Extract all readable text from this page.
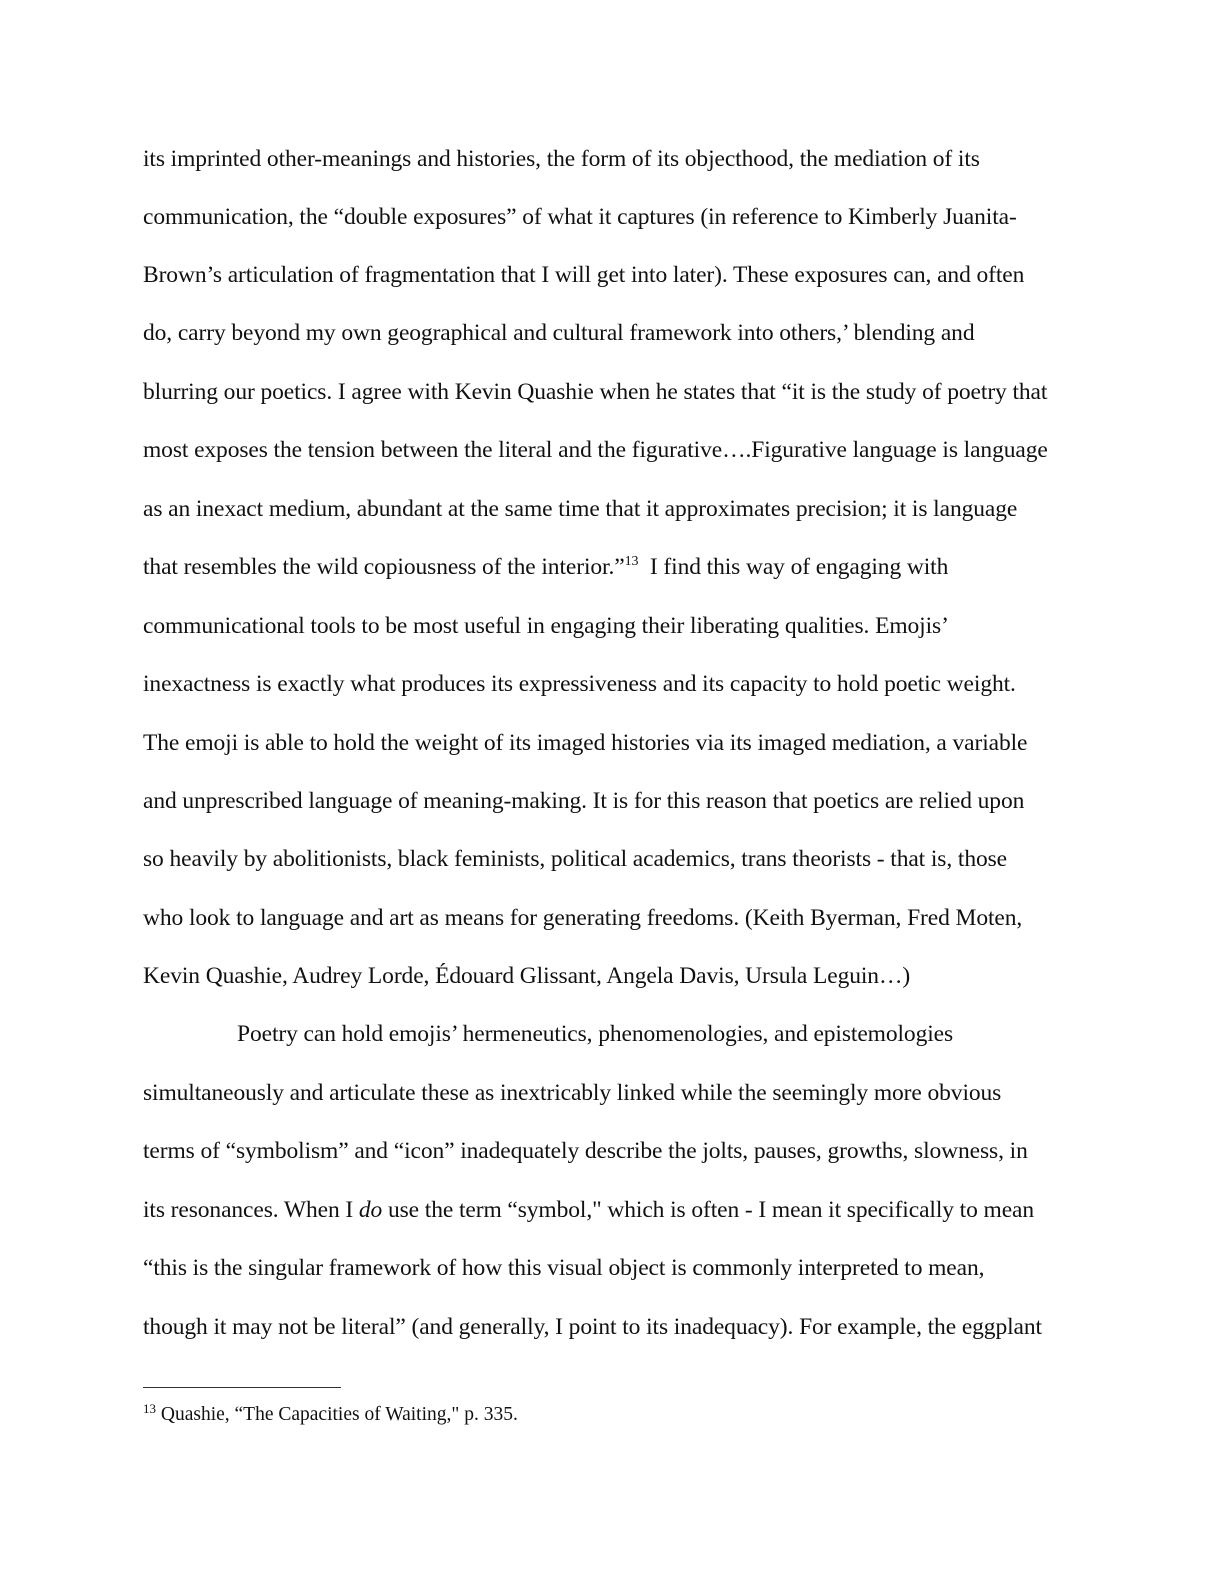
its imprinted other-meanings and histories, the form of its objecthood, the mediation of its
communication, the “double exposures” of what it captures (in reference to Kimberly Juanita-
Brown’s articulation of fragmentation that I will get into later). These exposures can, and often
do, carry beyond my own geographical and cultural framework into others,’ blending and
blurring our poetics. I agree with Kevin Quashie when he states that “it is the study of poetry that
most exposes the tension between the literal and the figurative….Figurative language is language
as an inexact medium, abundant at the same time that it approximates precision; it is language
that resembles the wild copiousness of the interior.”$^{13}$  I find this way of engaging with
communicational tools to be most useful in engaging their liberating qualities. Emojis’
inexactness is exactly what produces its expressiveness and its capacity to hold poetic weight.
The emoji is able to hold the weight of its imaged histories via its imaged mediation, a variable
and unprescribed language of meaning-making. It is for this reason that poetics are relied upon
so heavily by abolitionists, black feminists, political academics, trans theorists - that is, those
who look to language and art as means for generating freedoms. (Keith Byerman, Fred Moten,
Kevin Quashie, Audrey Lorde, Édouard Glissant, Angela Davis, Ursula Leguin…)
Poetry can hold emojis’ hermeneutics, phenomenologies, and epistemologies
simultaneously and articulate these as inextricably linked while the seemingly more obvious
terms of “symbolism” and “icon” inadequately describe the jolts, pauses, growths, slowness, in
its resonances. When I do use the term “symbol," which is often - I mean it specifically to mean
“this is the singular framework of how this visual object is commonly interpreted to mean,
though it may not be literal” (and generally, I point to its inadequacy). For example, the eggplant
$^{13}$ Quashie, “The Capacities of Waiting," p. 335.
